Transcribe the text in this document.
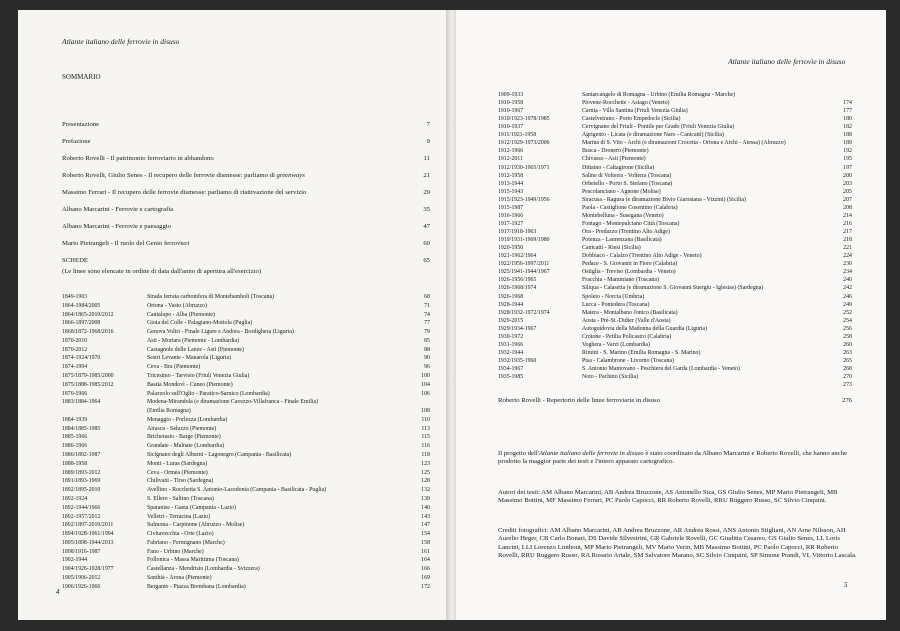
Atlante italiano delle ferrovie in disuso
SOMMARIO
Presentazione	7
Prefazione	9
Roberto Rovelli - Il patrimonio ferroviario in abbandono	11
Roberto Rovelli, Giulio Senes - Il recupero delle ferrovie dismesse: parliamo di greenways	21
Massimo Ferrari - Il recupero delle ferrovie dismesse: parliamo di riattivazione del servizio	29
Albano Marcarini - Ferrovie e cartografia	35
Albano Marcarini - Ferrovie e paesaggio	47
Mario Pietrangeli - Il ruolo del Genio ferrovieri	60
SCHEDE	65
(Le linee sono elencate in ordine di data dall'anno di apertura all'esercizio)
1849-1903	Strada ferrata carbonifera di Montebamboli (Toscana)	68
1864-1984/2005	Ortona - Vasto (Abruzzo)	71
1864/1865-2010/2012	Cantalupo - Alba (Piemonte)	74
1866-1897/2008	Gioia del Colle - Palagiano-Mottola (Puglia)	77
1868/1872-1968/2016	Genova Voltri - Finale Ligure e Andora - Bordighera (Liguria)	79
1870-2010	Asti - Mortara (Piemonte - Lombardia)	85
1870-2012	Castagnole delle Lanze - Asti (Piemonte)	88
1874-1924/1970	Sestri Levante - Manarola (Liguria)	90
1874-1994	Ceva - Bra (Piemonte)	96
1875/1879-1985/2000	Tricesimo - Tarvisio (Friuli Venezia Giulia)	100
1875/1888-1985/2012	Bastia Mondovì - Cuneo (Piemonte)	104
1876-1966	Palazzolo sull'Oglio - Paratico-Sarnico (Lombardia)	106
1883/1884-1964	Modena-Mirandola (e diramazione Cavezzo-Villafranca - Finale Emilia)
(Emilia Romagna)	108
1884-1939	Menaggio - Porlezza (Lombardia)	110
1884/1885-1985	Airasca - Saluzzo (Piemonte)	113
1885-1966	Bricherasio - Barge (Piemonte)	115
1886-1966	Grandate - Malnate (Lombardia)	116
1886/1892-1987	Sicignano degli Alburni - Lagonegro (Campania - Basilicata)	118
1888-1958	Monti - Luras (Sardegna)	123
1889/1893-2012	Ceva - Ormea (Piemonte)	125
1891/1893-1969	Chilivani - Tirso (Sardegna)	128
1892/1895-2010	Avellino - Rocchetta S. Antonio-Lacedonia (Campania - Basilicata - Puglia)	132
1892-1924	S. Ellero - Saltino (Toscana)	139
1892-1944/1966	Sparanise - Gaeta (Campania - Lazio)	140
1892-1957/2012	Velletri - Terracina (Lazio)	143
1892/1897-2010/2011	Sulmona - Carpinone (Abruzzo - Molise)	147
1894/1928-1961/1994	Civitavecchia - Orte (Lazio)	154
1895/1898-1944/2013	Fabriano - Fermignano (Marche)	158
1898/1916-1987	Fano - Urbino (Marche)	161
1902-1944	Follonica - Massa Marittima (Toscana)	164
1904/1926-1928/1977	Castellanza - Mendrisio (Lombardia - Svizzera)	166
1905/1906-2012	Santhià - Arona (Piemonte)	169
1906/1926-1966	Bergamo - Piazza Brembana (Lombardia)	172
4
Atlante italiano delle ferrovie in disuso
1909-1933	Santarcangelo di Romagna - Urbino (Emilia Romagna - Marche)
1910-1958	Piovene-Rocchette - Asiago (Veneto)	174
1910-1967	Carnia - Villa Santina (Friuli Venezia Giulia)	177
1910/1923-1978/1985	Castelvetrano - Porto Empedocle (Sicilia)	180
1910-1937	Cervignano del Friuli - Pontile per Grado (Friuli Venezia Giulia)	182
1911/1921-1958	Agrigento - Licata (e diramazione Naro - Canicattì) (Sicilia)	188
1912/1929-1973/2006	Marina di S. Vito - Archi (e diramazioni Crocetta - Ortona e Archi - Atessa) (Abruzzo)	189
1912-1966	Busca - Dronero (Piemonte)	192
1912-2011	Chivasso - Asti (Piemonte)	195
1912/1930-1965/1971	Dittaino - Caltagirone (Sicilia)	197
1912-1958	Saline di Volterra - Volterra (Toscana)	200
1913-1944	Orbetello - Porto S. Stefano (Toscana)	203
1915-1943	Pescolanciano - Agnone (Molise)	205
1915/1923-1949/1956	Siracusa - Ragusa (e diramazione Bivio Giarratana - Vizzini) (Sicilia)	207
1915-1987	Paola - Castiglione Cosentino (Calabria)	208
1916-1966	Montebelluna - Susegana (Veneto)	214
1917-1927	Fontago - Montepulciano Città (Toscana)	216
1917/1918-1963	Ora - Predazzo (Trentino Alto Adige)	217
1919/1931-1969/1980	Potenza - Laurenzana (Basilicata)	218
1920-1950	Canicattì - Riesi (Sicilia)	221
1921-1962/1964	Dobbiaco - Calalzo (Trentino Alto Adige - Veneto)	224
1922/1956-1997/2011	Pedace - S. Giovanni in Fiore (Calabria)	230
1925/1941-1944/1967	Ostiglia - Treviso (Lombardia - Veneto)	234
1926-1956/1965	Fracchia - Mammiano (Toscana)	240
1926-1968/1974	Siliqua - Calasetta (e diramazione S. Giovanni Suergiu - Iglesias) (Sardegna)	242
1926-1968	Spoleto - Norcia (Umbria)	246
1928-1944	Lucca - Pontedera (Toscana)	249
1928/1932-1972/1974	Matera - Montalbano Jonico (Basilicata)	252
1929-2015	Aosta - Pré-St.-Didier (Valle d'Aosta)	254
1929/1934-1967	Autoguidovia della Madonna della Guardia (Liguria)	256
1930-1972	Crotone - Petilia Policastro (Calabria)	258
1931-1966	Voghera - Varzi (Lombardia)	260
1932-1944	Rimini - S. Marino (Emilia Romagna - S. Marino)	263
1932/1935-1960	Pisa - Calambrone - Livorno (Toscana)	265
1934-1967	S. Antonio Mantovano - Peschiera del Garda (Lombardia - Veneto)	268
1935-1985	Noto - Pachino (Sicilia)	270
273
Roberto Rovelli - Repertorio delle linee ferroviarie in disuso	276
Il progetto dell'Atlante italiano delle ferrovie in disuso è stato coordinato da Albano Marcarini e Roberto Rovelli, che hanno anche prodotto la maggior parte dei testi e l'intero apparato cartografico.
Autori dei testi: AM Albano Marcarini, AB Andrea Bruzzone, AS Antonello Sica, GS Giulio Senes, MP Mario Pietrangeli, MB Massimo Bottini, MF Massimo Ferrari, PC Paolo Capocci, RR Roberto Rovelli, RRU Ruggero Russo, SC Silvio Cinquini.
Crediti fotografici: AM Albano Marcarini, AB Andrea Bruzzone, AR Andrea Rossi, ANS Antonio Stigliani, AN Arne Nilsson, AH Aurelio Heger, CB Carlo Bonari, DS Davide Silvestrini, GR Gabriele Rovelli, GC Giuditta Cesareo, GS Giulio Senes, LL Loris Lancini, LLI Lorenzo Linthout, MP Mario Pietrangeli, MV Mario Verin, MB Massimo Bottini, PC Paolo Capocci, RR Roberto Rovelli, RRU Ruggero Russo, RA Rosario Artale, SM Salvatore Marano, SC Silvio Cinquini, SP Simone Prandi, VL Vittorio Lascala.
5
